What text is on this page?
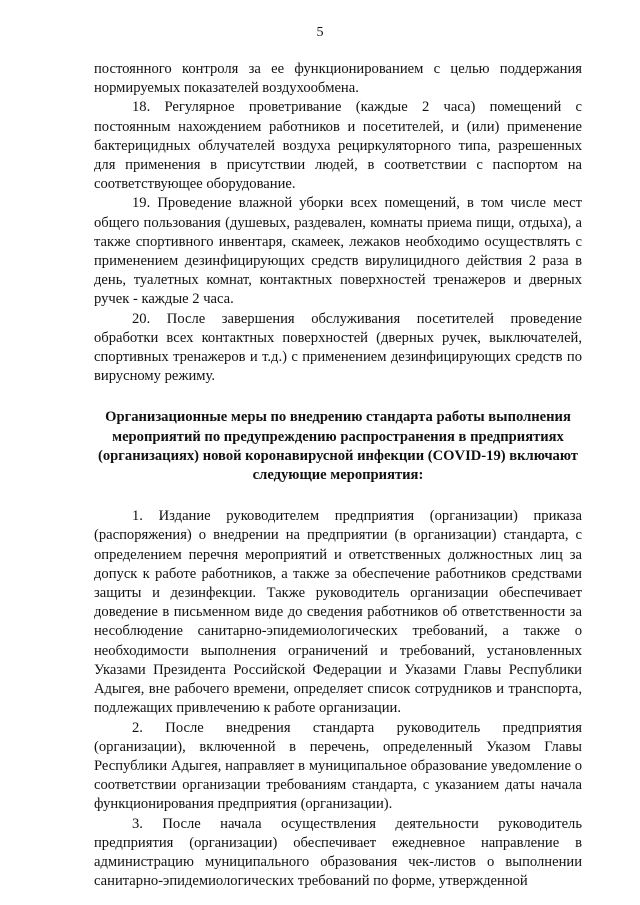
5

постоянного контроля за ее функционированием с целью поддержания нормируемых показателей воздухообмена.

18. Регулярное проветривание (каждые 2 часа) помещений с постоянным нахождением работников и посетителей, и (или) применение бактерицидных облучателей воздуха рециркуляторного типа, разрешенных для применения в присутствии людей, в соответствии с паспортом на соответствующее оборудование.

19. Проведение влажной уборки всех помещений, в том числе мест общего пользования (душевых, раздевален, комнаты приема пищи, отдыха), а также спортивного инвентаря, скамеек, лежаков необходимо осуществлять с применением дезинфицирующих средств вирулицидного действия 2 раза в день, туалетных комнат, контактных поверхностей тренажеров и дверных ручек - каждые 2 часа.

20. После завершения обслуживания посетителей проведение обработки всех контактных поверхностей (дверных ручек, выключателей, спортивных тренажеров и т.д.) с применением дезинфицирующих средств по вирусному режиму.

Организационные меры по внедрению стандарта работы выполнения мероприятий по предупреждению распространения в предприятиях (организациях) новой коронавирусной инфекции (COVID-19) включают следующие мероприятия:

1. Издание руководителем предприятия (организации) приказа (распоряжения) о внедрении на предприятии (в организации) стандарта, с определением перечня мероприятий и ответственных должностных лиц за допуск к работе работников, а также за обеспечение работников средствами защиты и дезинфекции. Также руководитель организации обеспечивает доведение в письменном виде до сведения работников об ответственности за несоблюдение санитарно-эпидемиологических требований, а также о необходимости выполнения ограничений и требований, установленных Указами Президента Российской Федерации и Указами Главы Республики Адыгея, вне рабочего времени, определяет список сотрудников и транспорта, подлежащих привлечению к работе организации.

2. После внедрения стандарта руководитель предприятия (организации), включенной в перечень, определенный Указом Главы Республики Адыгея, направляет в муниципальное образование уведомление о соответствии организации требованиям стандарта, с указанием даты начала функционирования предприятия (организации).

3. После начала осуществления деятельности руководитель предприятия (организации) обеспечивает ежедневное направление в администрацию муниципального образования чек-листов о выполнении санитарно-эпидемиологических требований по форме, утвержденной
